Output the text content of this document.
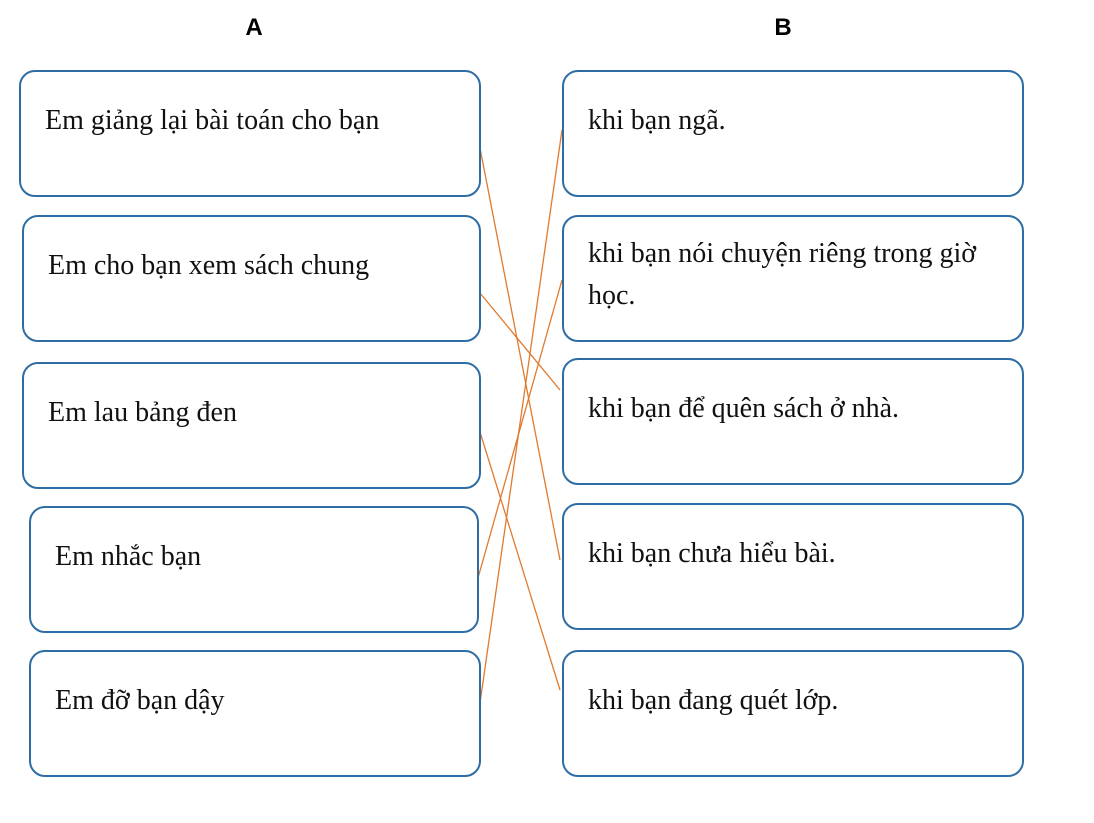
A	B
Em giảng lại bài toán cho bạn
Em cho bạn xem sách chung
Em lau bảng đen
Em nhắc bạn
Em đỡ bạn dậy
khi bạn ngã.
khi bạn nói chuyện riêng trong giờ học.
khi bạn để quên sách ở nhà.
khi bạn chưa hiểu bài.
khi bạn đang quét lớp.
